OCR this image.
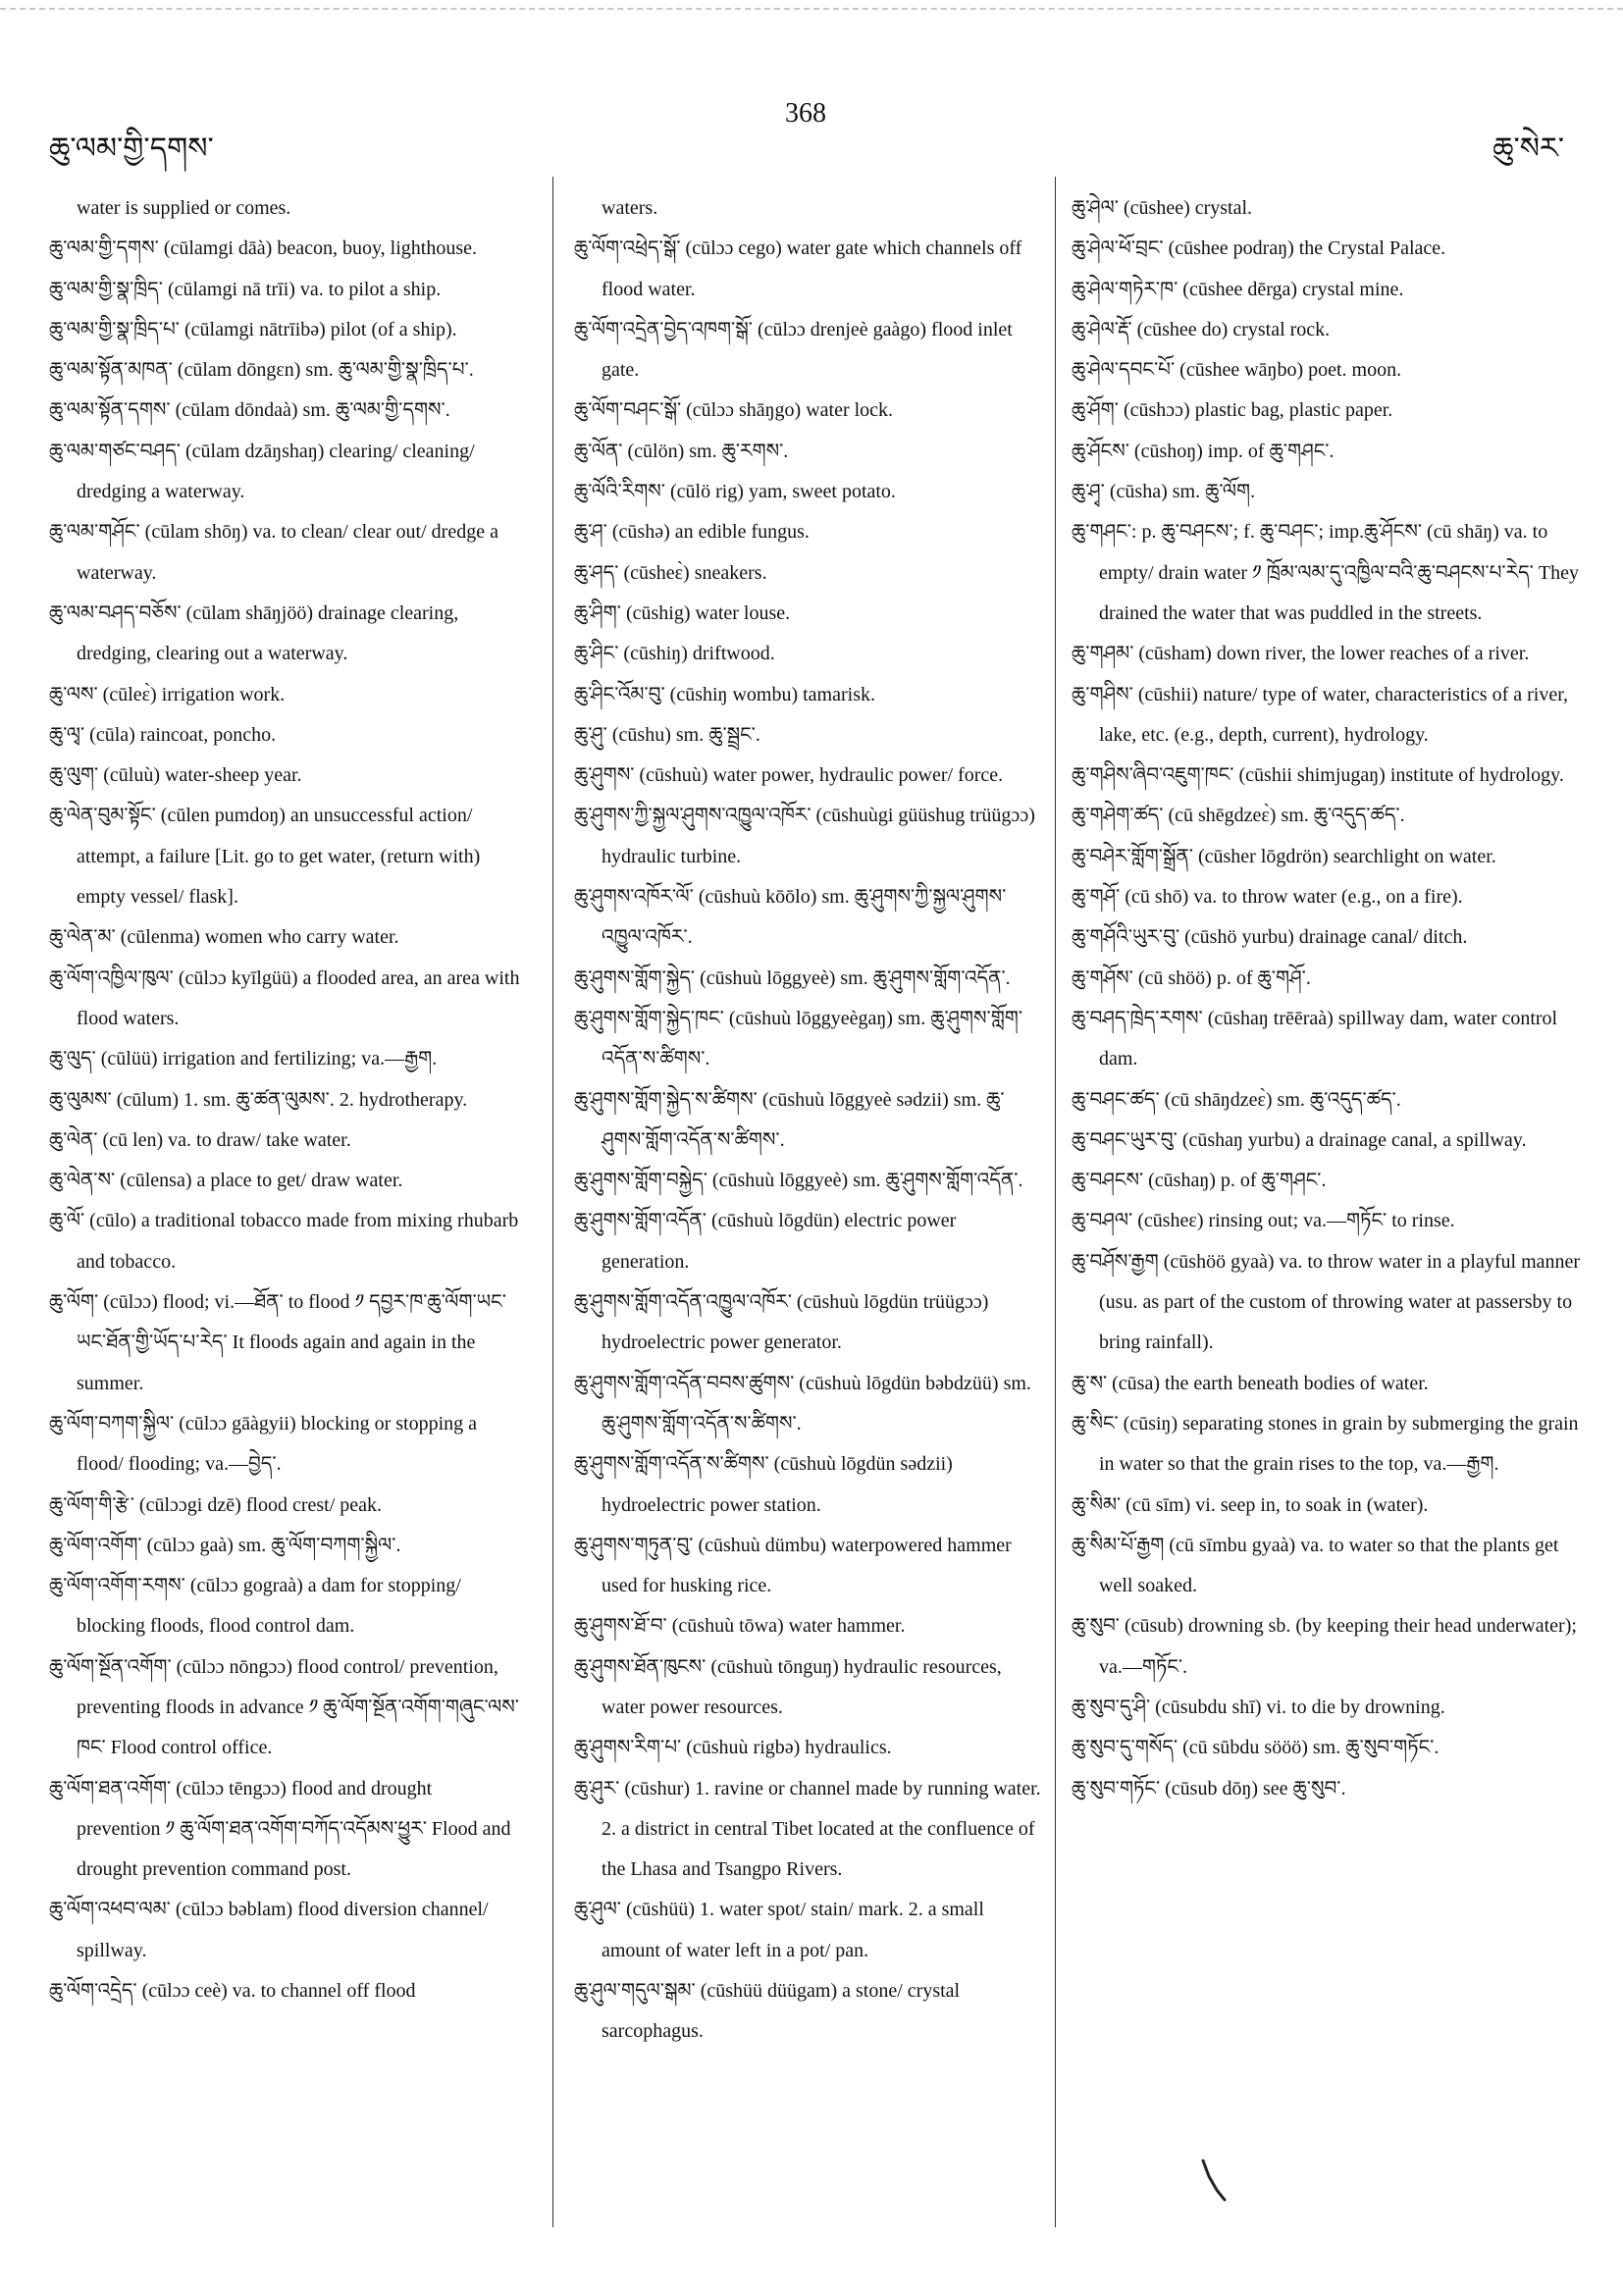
ཆུ་ལམ་གྱི་དགས་
368
ཆུ་སེར་

water is supplied or comes.

ཆུ་ལམ་གྱི་དགས་ (cūlamgi dāà) beacon, buoy, lighthouse.

ཆུ་ལམ་གྱི་སྣ་ཁྲིད་ (cūlamgi nā trīi) va. to pilot a ship.

ཆུ་ལམ་གྱི་སྣ་ཁྲིད་པ་ (cūlamgi nātrīibə) pilot (of a ship).

ཆུ་ལམ་སྟོན་མཁན་ (cūlam dōngɛn) sm. ཆུ་ལམ་གྱི་སྣ་ཁྲིད་པ་.

ཆུ་ལམ་སྟོན་དགས་ (cūlam dōndaà) sm. ཆུ་ལམ་གྱི་དགས་.

ཆུ་ལམ་གཙང་བཤད་ (cūlam dzāŋshaŋ) clearing/ cleaning/ dredging a waterway.

ཆུ་ལམ་གཤོང་ (cūlam shōŋ) va. to clean/ clear out/ dredge a waterway.

ཆུ་ལམ་བཤད་བཅོས་ (cūlam shāŋjöö) drainage clearing, dredging, clearing out a waterway.

ཆུ་ལས་ (cūleɛ̀) irrigation work.

ཆུ་ལྭ་ (cūla) raincoat, poncho.

ཆུ་ལུག་ (cūluù) water-sheep year.

ཆུ་ལེན་བུམ་སྟོང་ (cūlen pumdoŋ) an unsuccessful action/ attempt, a failure [Lit. go to get water, (return with) empty vessel/ flask].

ཆུ་ལེན་མ་ (cūlenma) women who carry water.

ཆུ་ལོག་འཁྱིལ་ཁུལ་ (cūlɔɔ kyīlgüü) a flooded area, an area with flood waters.

ཆུ་ལུད་ (cūlüü) irrigation and fertilizing; va.—རྒྱག.

ཆུ་ལུམས་ (cūlum) 1. sm. ཆུ་ཚན་ལུམས་. 2. hydrotherapy.

ཆུ་ལེན་ (cū len) va. to draw/ take water.

ཆུ་ལེན་ས་ (cūlensa) a place to get/ draw water.

ཆུ་ལོ་ (cūlo) a traditional tobacco made from mixing rhubarb and tobacco.

ཆུ་ལོག་ (cūlɔɔ) flood; vi.—ཐོན་ to flood ༡ དབྱར་ཁ་ཆུ་ལོག་ཡང་ཡང་ཐོན་གྱི་ཡོད་པ་རེད་ It floods again and again in the summer.

ཆུ་ལོག་བཀག་སྐྱིལ་ (cūlɔɔ gāàgyii) blocking or stopping a flood/ flooding; va.—བྱེད་.

ཆུ་ལོག་གི་རྩེ་ (cūlɔɔgi dzē) flood crest/ peak.

ཆུ་ལོག་འགོག་ (cūlɔɔ gaà) sm. ཆུ་ལོག་བཀག་སྐྱིལ་.

ཆུ་ལོག་འགོག་རགས་ (cūlɔɔ gograà) a dam for stopping/ blocking floods, flood control dam.

ཆུ་ལོག་སྔོན་འགོག་ (cūlɔɔ nōngɔɔ) flood control/ prevention, preventing floods in advance ༡ ཆུ་ལོག་སྔོན་འགོག་གཞུང་ལས་ཁང་ Flood control office.

ཆུ་ལོག་ཐན་འགོག་ (cūlɔɔ tēngɔɔ) flood and drought prevention ༡ ཆུ་ལོག་ཐན་འགོག་བཀོད་འདོམས་ཕྱུར་ Flood and drought prevention command post.

ཆུ་ལོག་འཕབ་ལམ་ (cūlɔɔ bəblam) flood diversion channel/ spillway.

ཆུ་ལོག་འདྲེད་ (cūlɔɔ ceè) va. to channel off flood

waters.

ཆུ་ལོག་འཕྲེད་སྒོ་ (cūlɔɔ cego) water gate which channels off flood water.

ཆུ་ལོག་འདྲེན་བྱེད་འཁག་སྒོ་ (cūlɔɔ drenjeè gaàgo) flood inlet gate.

ཆུ་ལོག་བཤང་སྒོ་ (cūlɔɔ shāŋgo) water lock.

ཆུ་ལོན་ (cūlön) sm. ཆུ་རགས་.

ཆུ་ལོའི་རིགས་ (cūlö rig) yam, sweet potato.

ཆུ་ཤ་ (cūshə) an edible fungus.

ཆུ་ཤད་ (cūsheɛ̀) sneakers.

ཆུ་ཤིག་ (cūshig) water louse.

ཆུ་ཤིང་ (cūshiŋ) driftwood.

ཆུ་ཤིང་འོམ་བུ་ (cūshiŋ wombu) tamarisk.

ཆུ་ཤུ་ (cūshu) sm. ཆུ་སྦྲང་.

ཆུ་ཤུགས་ (cūshuù) water power, hydraulic power/ force.

ཆུ་ཤུགས་ཀྱི་སྐྱལ་ཤུགས་འཁྱུལ་འཁོར་ (cūshuùgi güüshug trüügɔɔ) hydraulic turbine.

ཆུ་ཤུགས་འཁོར་ལོ་ (cūshuù kōōlo) sm. ཆུ་ཤུགས་ཀྱི་སྐྱལ་ཤུགས་འཁྱུལ་འཁོར་.

ཆུ་ཤུགས་གློག་སྐྱེད་ (cūshuù lōggyeè) sm. ཆུ་ཤུགས་གློག་འདོན་.

ཆུ་ཤུགས་གློག་སྐྱེད་ཁང་ (cūshuù lōggyeègaŋ) sm. ཆུ་ཤུགས་གློག་འདོན་ས་ཚིགས་.

ཆུ་ཤུགས་གློག་སྐྱེད་ས་ཚིགས་ (cūshuù lōggyeè sədzii) sm. ཆུ་ཤུགས་གློག་འདོན་ས་ཚིགས་.

ཆུ་ཤུགས་གློག་བསྐྱེད་ (cūshuù lōggyeè) sm. ཆུ་ཤུགས་གློག་འདོན་.

ཆུ་ཤུགས་གློག་འདོན་ (cūshuù lōgdün) electric power generation.

ཆུ་ཤུགས་གློག་འདོན་འཁྱུལ་འཁོར་ (cūshuù lōgdün trüügɔɔ) hydroelectric power generator.

ཆུ་ཤུགས་གློག་འདོན་བབས་ཚུགས་ (cūshuù lōgdün bəbdzüü) sm. ཆུ་ཤུགས་གློག་འདོན་ས་ཚིགས་.

ཆུ་ཤུགས་གློག་འདོན་ས་ཚིགས་ (cūshuù lōgdün sədzii) hydroelectric power station.

ཆུ་ཤུགས་གཏུན་བུ་ (cūshuù dümbu) waterpowered hammer used for husking rice.

ཆུ་ཤུགས་ཐོ་བ་ (cūshuù tōwa) water hammer.

ཆུ་ཤུགས་ཐོན་ཁུངས་ (cūshuù tōnguŋ) hydraulic resources, water power resources.

ཆུ་ཤུགས་རིག་པ་ (cūshuù rigbə) hydraulics.

ཆུ་ཤུར་ (cūshur) 1. ravine or channel made by running water. 2. a district in central Tibet located at the confluence of the Lhasa and Tsangpo Rivers.

ཆུ་ཤུལ་ (cūshüü) 1. water spot/ stain/ mark. 2. a small amount of water left in a pot/ pan.

ཆུ་ཤུལ་གདུལ་སྒམ་ (cūshüü düügam) a stone/ crystal sarcophagus.

ཆུ་ཤེལ་ (cūshee) crystal.

ཆུ་ཤེལ་ཕོ་བྲང་ (cūshee podraŋ) the Crystal Palace.

ཆུ་ཤེལ་གཏེར་ཁ་ (cūshee dērga) crystal mine.

ཆུ་ཤེལ་རྡོ་ (cūshee do) crystal rock.

ཆུ་ཤེལ་དབང་པོ་ (cūshee wāŋbo) poet. moon.

ཆུ་ཤོག་ (cūshɔɔ) plastic bag, plastic paper.

ཆུ་ཤོངས་ (cūshoŋ) imp. of ཆུ་གཤང་.

ཆུ་ཤྭ་ (cūsha) sm. ཆུ་ལོག.

ཆུ་གཤང་: p. ཆུ་བཤངས་; f. ཆུ་བཤང་; imp.ཆུ་ཤོངས་ (cū shāŋ) va. to empty/ drain water ༡ ཁྲོམ་ལམ་དུ་འཁྱིལ་བའི་ཆུ་བཤངས་པ་རེད་ They drained the water that was puddled in the streets.

ཆུ་གཤམ་ (cūsham) down river, the lower reaches of a river.

ཆུ་གཤིས་ (cūshii) nature/ type of water, characteristics of a river, lake, etc. (e.g., depth, current), hydrology.

ཆུ་གཤིས་ཞིབ་འཇུག་ཁང་ (cūshii shimjugaŋ) institute of hydrology.

ཆུ་གཤེག་ཚད་ (cū shēgdzeɛ̀) sm. ཆུ་འདུད་ཚད་.

ཆུ་བཤེར་གློག་སྒྲོན་ (cūsher lōgdrön) searchlight on water.

ཆུ་གཤོ་ (cū shō) va. to throw water (e.g., on a fire).

ཆུ་གཤོའི་ཡུར་བུ་ (cūshö yurbu) drainage canal/ ditch.

ཆུ་གཤོས་ (cū shöö) p. of ཆུ་གཤོ་.

ཆུ་བཤད་ཁྲེད་རགས་ (cūshaŋ trēēraà) spillway dam, water control dam.

ཆུ་བཤང་ཚད་ (cū shāŋdzeɛ̀) sm. ཆུ་འདུད་ཚད་.

ཆུ་བཤང་ཡུར་བུ་ (cūshaŋ yurbu) a drainage canal, a spillway.

ཆུ་བཤངས་ (cūshaŋ) p. of ཆུ་གཤང་.

ཆུ་བཤལ་ (cūsheɛ) rinsing out; va.—གཏོང་ to rinse.

ཆུ་བཤོས་རྒྱག (cūshöö gyaà) va. to throw water in a playful manner (usu. as part of the custom of throwing water at passersby to bring rainfall).

ཆུ་ས་ (cūsa) the earth beneath bodies of water.

ཆུ་སིང་ (cūsiŋ) separating stones in grain by submerging the grain in water so that the grain rises to the top, va.—རྒྱག.

ཆུ་སིམ་ (cū sīm) vi. seep in, to soak in (water).

ཆུ་སིམ་པོ་རྒྱག (cū sīmbu gyaà) va. to water so that the plants get well soaked.

ཆུ་སུབ་ (cūsub) drowning sb. (by keeping their head underwater); va.—གཏོང་.

ཆུ་སུབ་དུ་ཤི་ (cūsubdu shī) vi. to die by drowning.

ཆུ་སུབ་དུ་གསོད་ (cū sūbdu sööö) sm. ཆུ་སུབ་གཏོང་.

ཆུ་སུབ་གཏོང་ (cūsub dōŋ) see ཆུ་སུབ་.
